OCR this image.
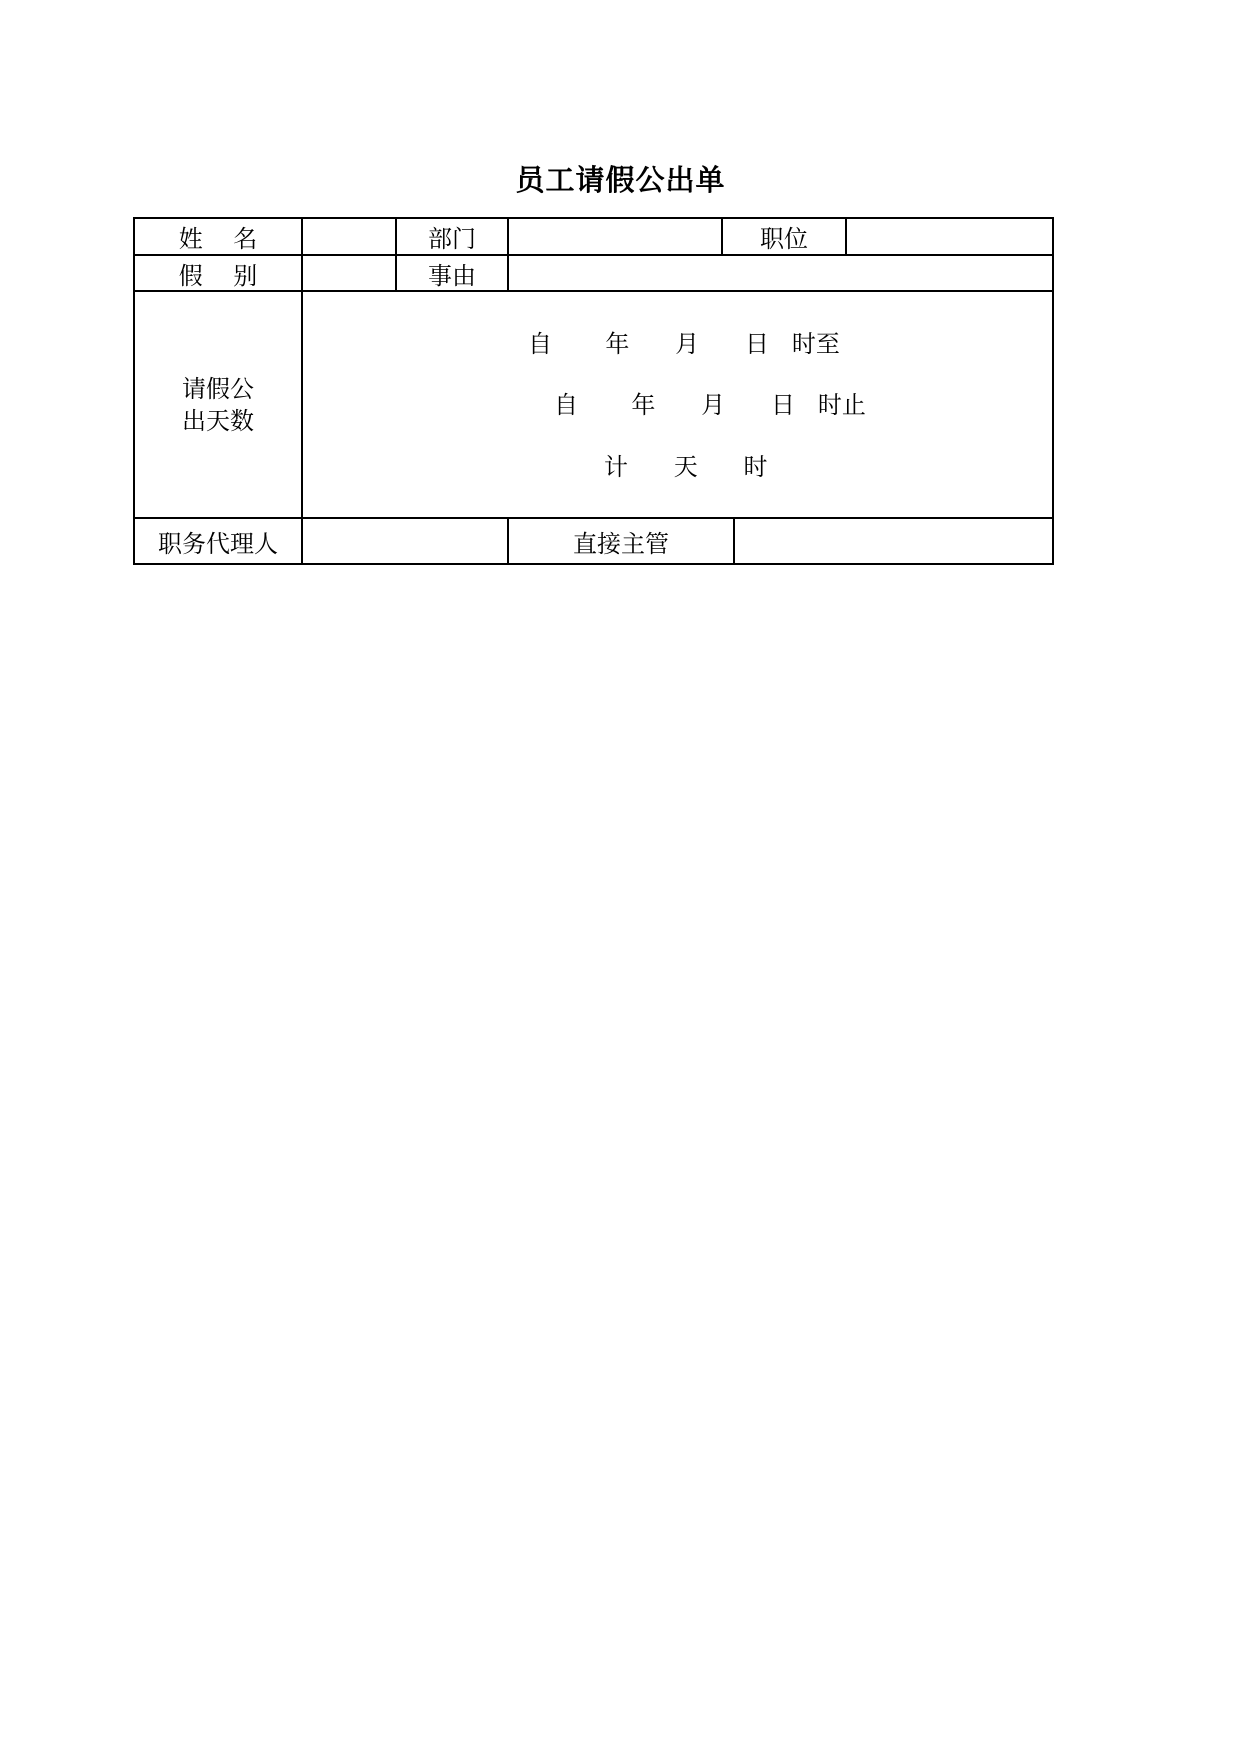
员工请假公出单
姓    名	部门	职位
假    别	事由
请假公
出天数
自       年      月      日   时至
自       年      月      日   时止
计      天      时
职务代理人	直接主管
